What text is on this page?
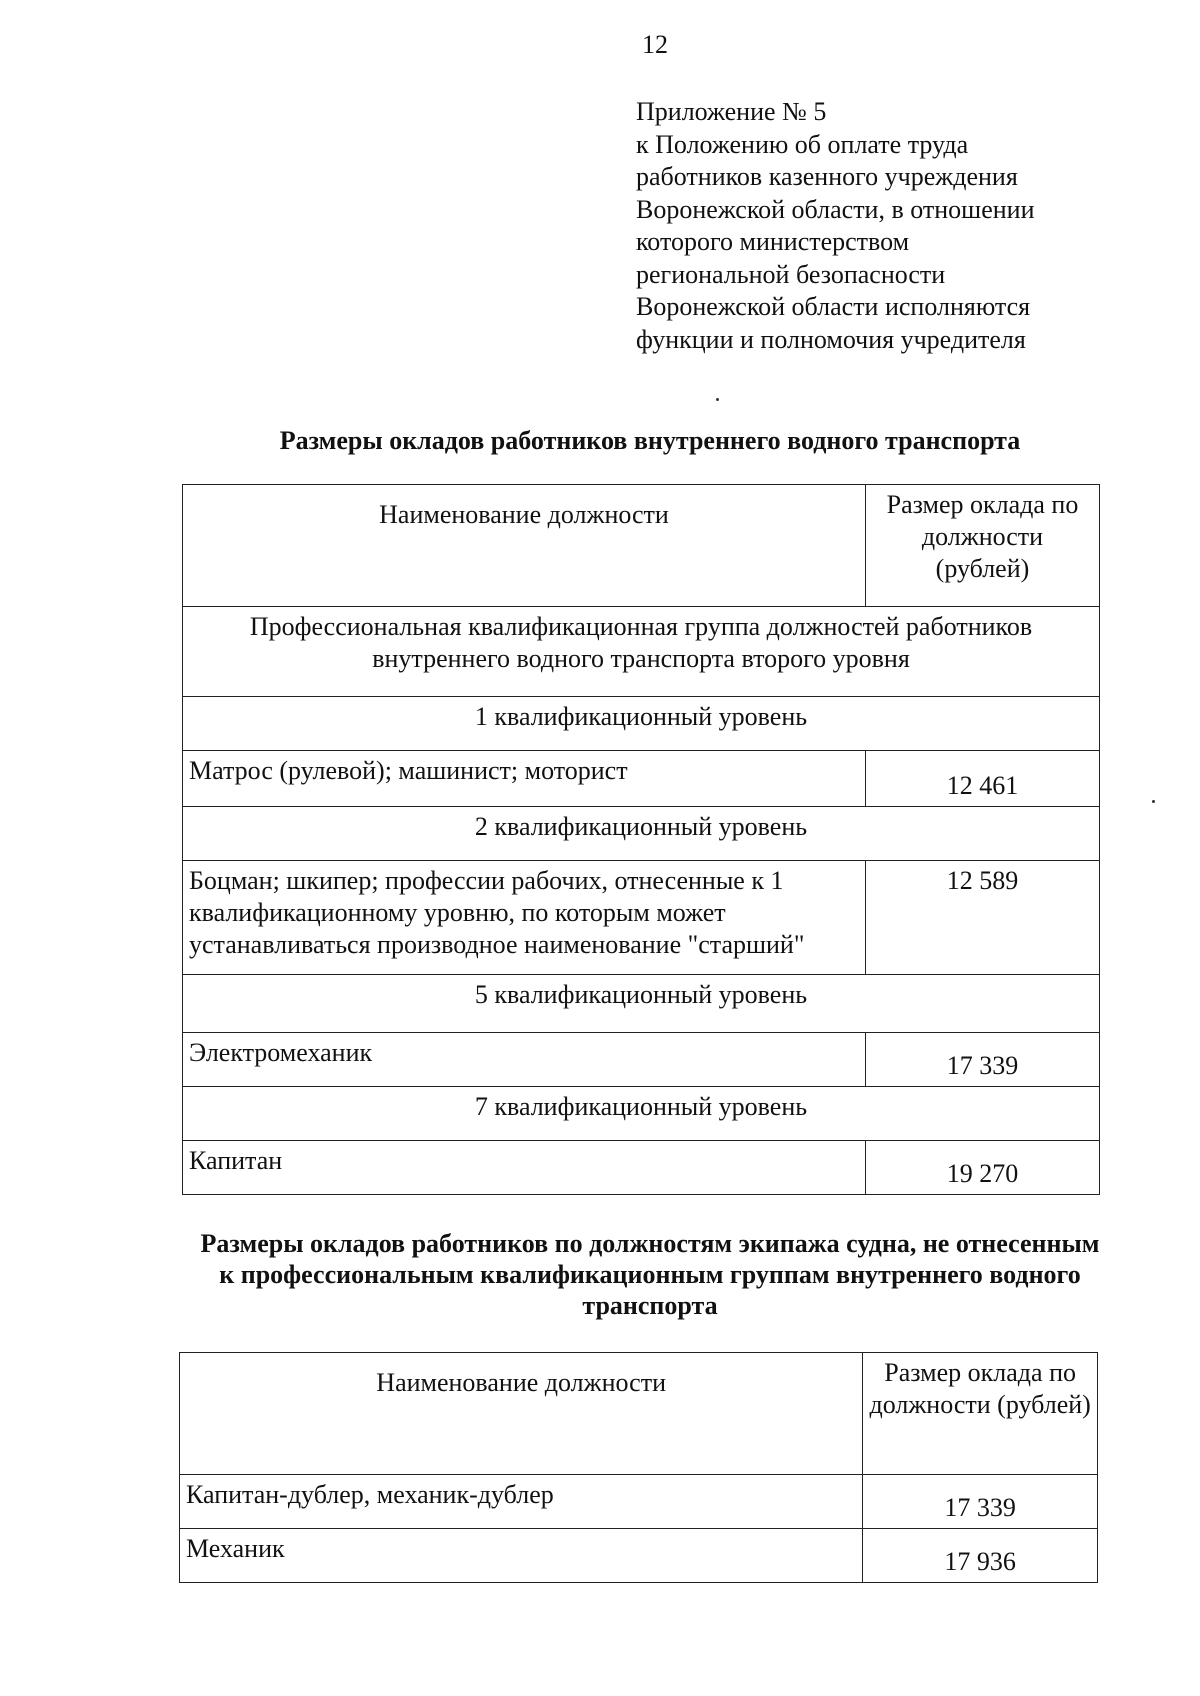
12
Приложение № 5
к Положению об оплате труда
работников казенного учреждения
Воронежской области, в отношении
которого министерством
региональной безопасности
Воронежской области исполняются
функции и полномочия учредителя
Размеры окладов работников внутреннего водного транспорта
Наименование должности	Размер оклада по должности (рублей)
Профессиональная квалификационная группа должностей работников внутреннего водного транспорта второго уровня	
1 квалификационный уровень	
Матрос (рулевой); машинист; моторист	12 461
2 квалификационный уровень	
Боцман; шкипер; профессии рабочих, отнесенные к 1 квалификационному уровню, по которым может устанавливаться производное наименование "старший"	12 589
5 квалификационный уровень	
Электромеханик	17 339
7 квалификационный уровень	
Капитан	19 270
Размеры окладов работников по должностям экипажа судна, не отнесенным к профессиональным квалификационным группам внутреннего водного транспорта
Наименование должности	Размер оклада по должности (рублей)
Капитан-дублер, механик-дублер	17 339
Механик	17 936
